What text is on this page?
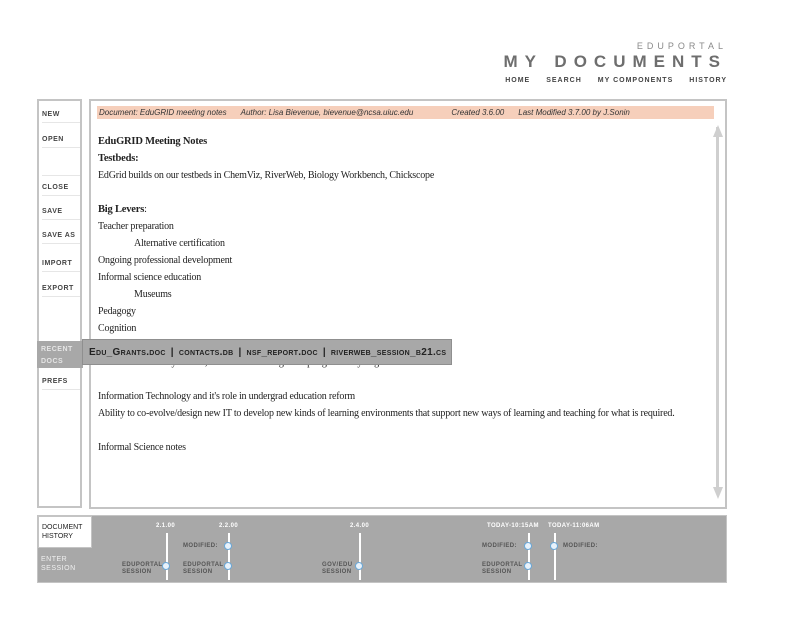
EDUPORTAL
MY DOCUMENTS
HOME SEARCH MY COMPONENTS HISTORY
NEW
OPEN
CLOSE
SAVE
SAVE AS
IMPORT
EXPORT
RECENT
DOCS
PREFS
Document: EduGRID meeting notes Author: Lisa Bievenue, bievenue@ncsa.uiuc.edu	Created 3.6.00 Last Modified 3.7.00 by J.Sonin
EduGRID Meeting Notes
Testbeds:
EdGrid builds on our testbeds in ChemViz, RiverWeb, Biology Workbench, Chickscope
Big Levers:
Teacher preparation
Alternative certification
Ongoing professional development
Informal science education
Museums
Pedagogy
Cognition
Information Technology and it's role in undergrad education reform
Ability to co-evolve/design new IT to develop new kinds of learning environments that support new ways of learning and teaching for what is required.
Informal Science notes
Edu_Grants.doc | contacts.db | nsf_report.doc | riverweb_session_b21.cs
DOCUMENT
HISTORY
ENTER
SESSION
2.1.00
EDUPORTAL
SESSION
2.2.00
MODIFIED:
EDUPORTAL
SESSION
2.4.00
GOV/EDU
SESSION
TODAY-10:15AM
MODIFIED:
EDUPORTAL
SESSION
TODAY-11:06AM
MODIFIED:
